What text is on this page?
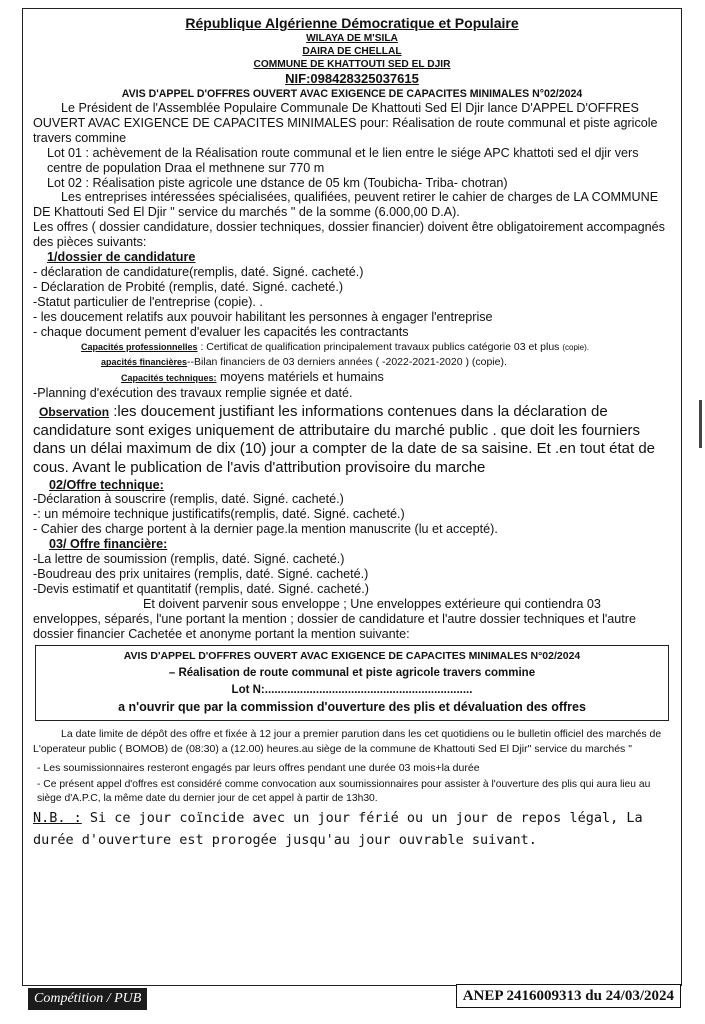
République Algérienne Démocratique et Populaire
WILAYA DE M'SILA
DAIRA DE CHELLAL
COMMUNE DE KHATTOUTI SED EL DJIR
NIF:098428325037615
AVIS D'APPEL D'OFFRES OUVERT AVAC EXIGENCE DE CAPACITES MINIMALES N°02/2024

Le Président de l'Assemblée Populaire Communale De Khattouti Sed El Djir lance D'APPEL D'OFFRES OUVERT AVAC EXIGENCE DE CAPACITES MINIMALES pour: Réalisation de route communal et piste agricole travers commine

Lot 01 : achèvement de la Réalisation route communal et le lien entre le siége APC khattoti sed el djir vers centre de population Draa el methnene sur 770 m

Lot 02 : Réalisation piste agricole une dstance de 05 km (Toubicha- Triba- chotran)

Les entreprises intéressées spécialisées, qualifiées, peuvent retirer le cahier de charges de LA COMMUNE DE Khattouti Sed El Djir " service du marchés " de la somme (6.000,00 D.A).

Les offres ( dossier candidature, dossier techniques, dossier financier) doivent être obligatoirement accompagnés des pièces suivants:

1/dossier de candidature
- déclaration de candidature(remplis, daté. Signé. cacheté.)
- Déclaration de Probité (remplis, daté. Signé. cacheté.)
-Statut particulier de l'entreprise (copie). .
- les doucement relatifs aux pouvoir habilitant les personnes à engager l'entreprise
- chaque document pement d'evaluer les capacités les contractants
Capacités professionnelles : Certificat de qualification principalement travaux publics catégorie 03 et plus (copie).
apacités financières--Bilan financiers de 03 derniers années ( -2022-2021-2020 ) (copie).
Capacités techniques: moyens matériels et humains
-Planning d'exécution des travaux remplie signée et daté.

Observation :les doucement justifiant les informations contenues dans la déclaration de candidature sont exiges uniquement de attributaire du marché public . que doit les fourniers dans un délai maximum de dix (10) jour a compter de la date de sa saisine. Et .en tout état de cous. Avant le publication de l'avis d'attribution provisoire du marche

02/Offre technique:
-Déclaration à souscrire (remplis, daté. Signé. cacheté.)
-: un mémoire technique justificatifs(remplis, daté. Signé. cacheté.)
- Cahier des charge portent à la dernier page.la mention manuscrite (lu et accepté).
03/ Offre financière:
-La lettre de soumission (remplis, daté. Signé. cacheté.)
-Boudreau des prix unitaires (remplis, daté. Signé. cacheté.)
-Devis estimatif et quantitatif (remplis, daté. Signé. cacheté.)

Et doivent parvenir sous enveloppe ; Une enveloppes extérieure qui contiendra 03 enveloppes, séparés, l'une portant la mention ; dossier de candidature et l'autre dossier techniques et l'autre dossier financier Cachetée et anonyme portant la mention suivante:

AVIS D'APPEL D'OFFRES OUVERT AVAC EXIGENCE DE CAPACITES MINIMALES N°02/2024
– Réalisation de route communal et piste agricole travers commine
Lot N:.................................................................
a n'ouvrir que par la commission d'ouverture des plis et dévaluation des offres

La date limite de dépôt des offre et fixée à 12 jour a premier parution dans les cet quotidiens ou le bulletin officiel des marchés de L'operateur public ( BOMOB) de (08:30) a (12.00) heures.au siège de la commune de Khattouti Sed El Djir" service du marchés "

- Les soumissionnaires resteront engagés par leurs offres pendant une durée 03 mois+la durée

- Ce présent appel d'offres est considéré comme convocation aux soumissionnaires pour assister à l'ouverture des plis qui aura lieu au siège d'A.P.C, la même date du dernier jour de cet appel à partir de 13h30.

N.B. : Si ce jour coïncide avec un jour férié ou un jour de repos légal, La durée d'ouverture est prorogée jusqu'au jour ouvrable suivant.

Compétition / PUB	ANEP 2416009313 du 24/03/2024
